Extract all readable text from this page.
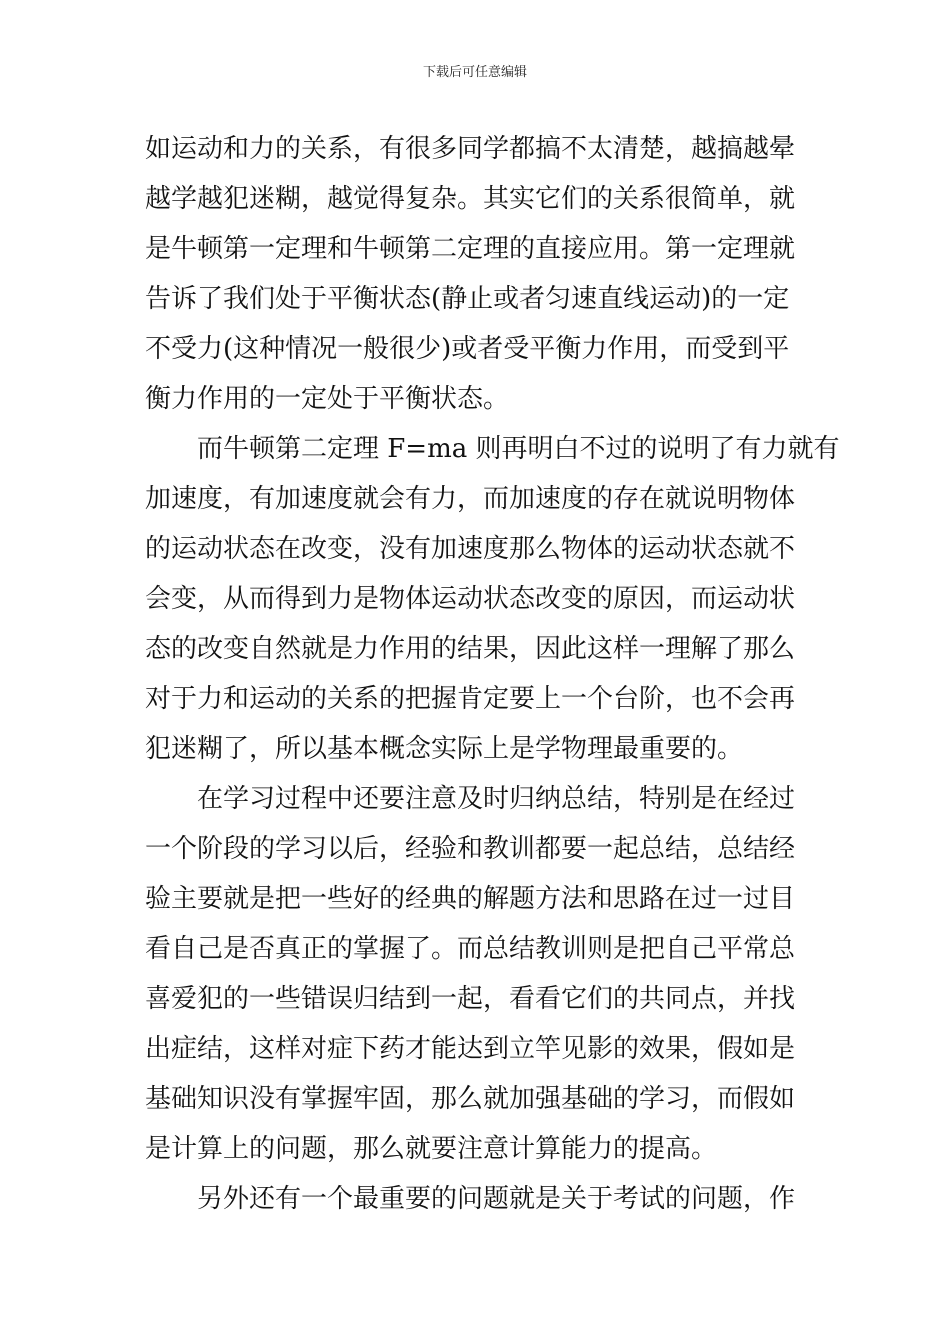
下载后可任意编辑
如运动和力的关系，有很多同学都搞不太清楚，越搞越晕
越学越犯迷糊，越觉得复杂。其实它们的关系很简单，就
是牛顿第一定理和牛顿第二定理的直接应用。第一定理就
告诉了我们处于平衡状态(静止或者匀速直线运动)的一定
不受力(这种情况一般很少)或者受平衡力作用，而受到平
衡力作用的一定处于平衡状态。
而牛顿第二定理 F=ma 则再明白不过的说明了有力就有
加速度，有加速度就会有力，而加速度的存在就说明物体
的运动状态在改变，没有加速度那么物体的运动状态就不
会变，从而得到力是物体运动状态改变的原因，而运动状
态的改变自然就是力作用的结果，因此这样一理解了那么
对于力和运动的关系的把握肯定要上一个台阶，也不会再
犯迷糊了，所以基本概念实际上是学物理最重要的。
在学习过程中还要注意及时归纳总结，特别是在经过
一个阶段的学习以后，经验和教训都要一起总结，总结经
验主要就是把一些好的经典的解题方法和思路在过一过目
看自己是否真正的掌握了。而总结教训则是把自己平常总
喜爱犯的一些错误归结到一起，看看它们的共同点，并找
出症结，这样对症下药才能达到立竿见影的效果，假如是
基础知识没有掌握牢固，那么就加强基础的学习，而假如
是计算上的问题，那么就要注意计算能力的提高。
另外还有一个最重要的问题就是关于考试的问题，作
